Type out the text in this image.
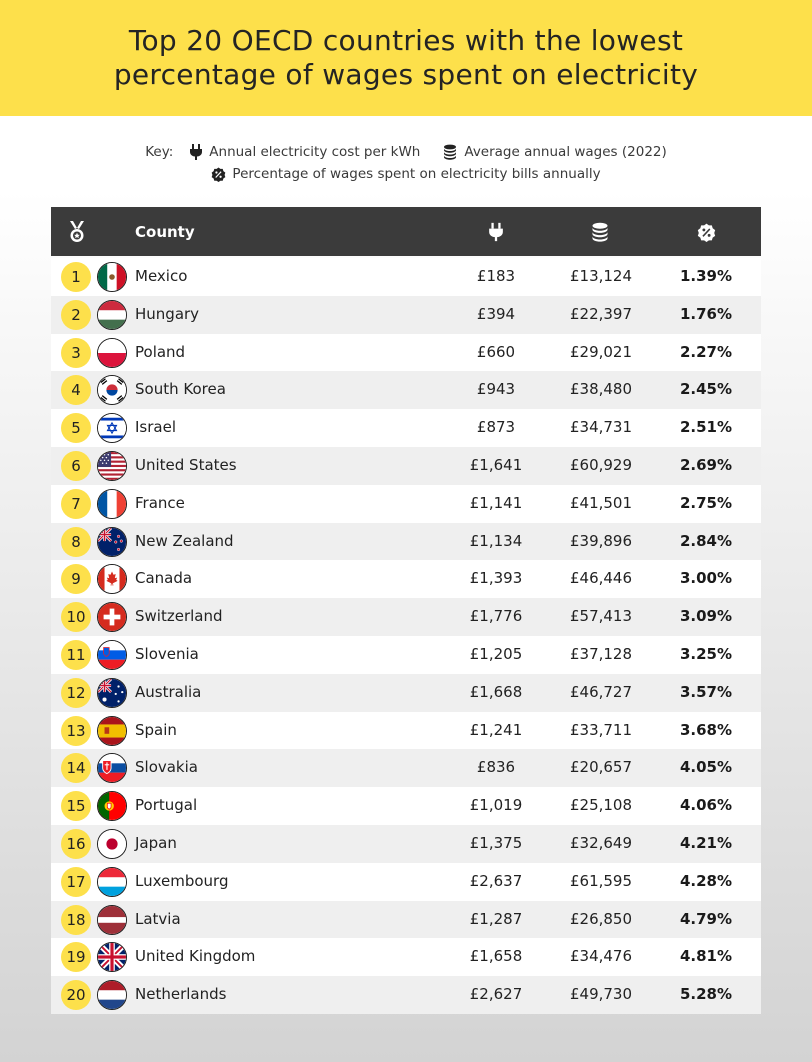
Top 20 OECD countries with the lowest percentage of wages spent on electricity
Key:	Annual electricity cost per kWh	Average annual wages (2022)
Percentage of wages spent on electricity bills annually
County
1	Mexico	£183	£13,124	1.39%
2	Hungary	£394	£22,397	1.76%
3	Poland	£660	£29,021	2.27%
4	South Korea	£943	£38,480	2.45%
5	Israel	£873	£34,731	2.51%
6	United States	£1,641	£60,929	2.69%
7	France	£1,141	£41,501	2.75%
8	New Zealand	£1,134	£39,896	2.84%
9	Canada	£1,393	£46,446	3.00%
10	Switzerland	£1,776	£57,413	3.09%
11	Slovenia	£1,205	£37,128	3.25%
12	Australia	£1,668	£46,727	3.57%
13	Spain	£1,241	£33,711	3.68%
14	Slovakia	£836	£20,657	4.05%
15	Portugal	£1,019	£25,108	4.06%
16	Japan	£1,375	£32,649	4.21%
17	Luxembourg	£2,637	£61,595	4.28%
18	Latvia	£1,287	£26,850	4.79%
19	United Kingdom	£1,658	£34,476	4.81%
20	Netherlands	£2,627	£49,730	5.28%
